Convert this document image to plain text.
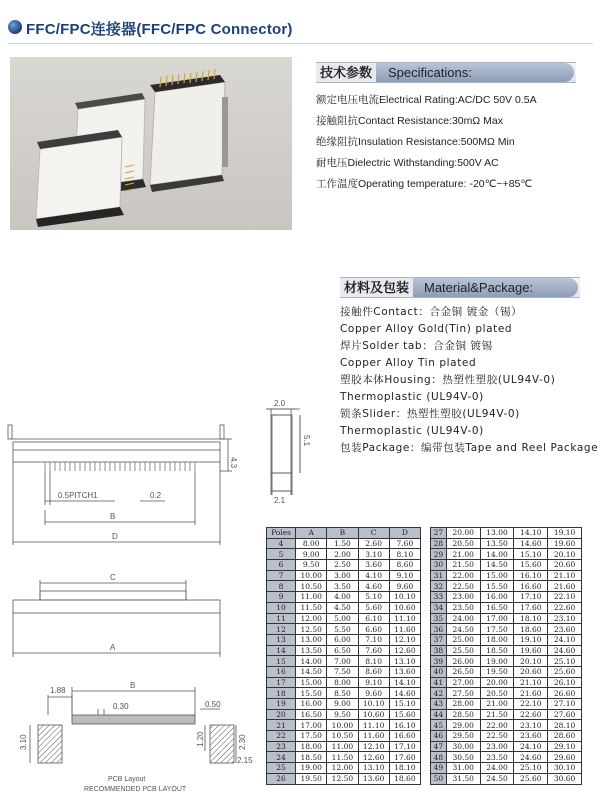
FFC/FPC连接器(FFC/FPC Connector)
技术参数	Specifications:
额定电压电流Electrical Rating:AC/DC 50V 0.5A
接触阻抗Contact Resistance:30mΩ Max
绝缘阻抗Insulation Resistance:500MΩ Min
耐电压Dielectric Withstanding:500V AC
工作温度Operating temperature: -20℃~+85℃
材料及包装	Material&Package:
接触件Contact：合金铜 镀金（锡）
Copper Alloy Gold(Tin) plated
焊片Solder tab：合金铜 镀锡
Copper Alloy Tin plated
塑胶本体Housing：热塑性塑胶(UL94V-0)
Thermoplastic (UL94V-0)
锁条Slider：热塑性塑胶(UL94V-0)
Thermoplastic (UL94V-0)
包装Package：编带包装Tape and Reel Package
0.5PITCH1	0.2
B
D
C
A
4.3
1.88
B
0.30	0.50
3.10	1.20	2.30
2.15
PCB Layout
RECOMMENDED PCB LAYOUT
2.0
5.1
2.1
Poles	A	B	C	D
4	8.00	1.50	2.60	7.60
5	9.00	2.00	3.10	8.10
6	9.50	2.50	3.60	8.60
7	10.00	3.00	4.10	9.10
8	10.50	3.50	4.60	9.60
9	11.00	4.00	5.10	10.10
10	11.50	4.50	5.60	10.60
11	12.00	5.00	6.10	11.10
12	12.50	5.50	6.60	11.60
13	13.00	6.00	7.10	12.10
14	13.50	6.50	7.60	12.60
15	14.00	7.00	8.10	13.10
16	14.50	7.50	8.60	13.60
17	15.00	8.00	9.10	14.10
18	15.50	8.50	9.60	14.60
19	16.00	9.00	10.10	15.10
20	16.50	9.50	10.60	15.60
21	17.00	10.00	11.10	16.10
22	17.50	10.50	11.60	16.60
23	18.00	11.00	12.10	17.10
24	18.50	11.50	12.60	17.60
25	19.00	12.00	13.10	18.10
26	19.50	12.50	13.60	18.60
27	20.00	13.00	14.10	19.10
28	20.50	13.50	14.60	19.60
29	21.00	14.00	15.10	20.10
30	21.50	14.50	15.60	20.60
31	22.00	15.00	16.10	21.10
32	22.50	15.50	16.60	21.60
33	23.00	16.00	17.10	22.10
34	23.50	16.50	17.60	22.60
35	24.00	17.00	18.10	23.10
36	24.50	17.50	18.60	23.60
37	25.00	18.00	19.10	24.10
38	25.50	18.50	19.60	24.60
39	26.00	19.00	20.10	25.10
40	26.50	19.50	20.60	25.60
41	27.00	20.00	21.10	26.10
42	27.50	20.50	21.60	26.60
43	28.00	21.00	22.10	27.10
44	28.50	21.50	22.60	27.60
45	29.00	22.00	23.10	28.10
46	29.50	22.50	23.60	28.60
47	30.00	23.00	24.10	29.10
48	30.50	23.50	24.60	29.60
49	31.00	24.00	25.10	30.10
50	31.50	24.50	25.60	30.60
